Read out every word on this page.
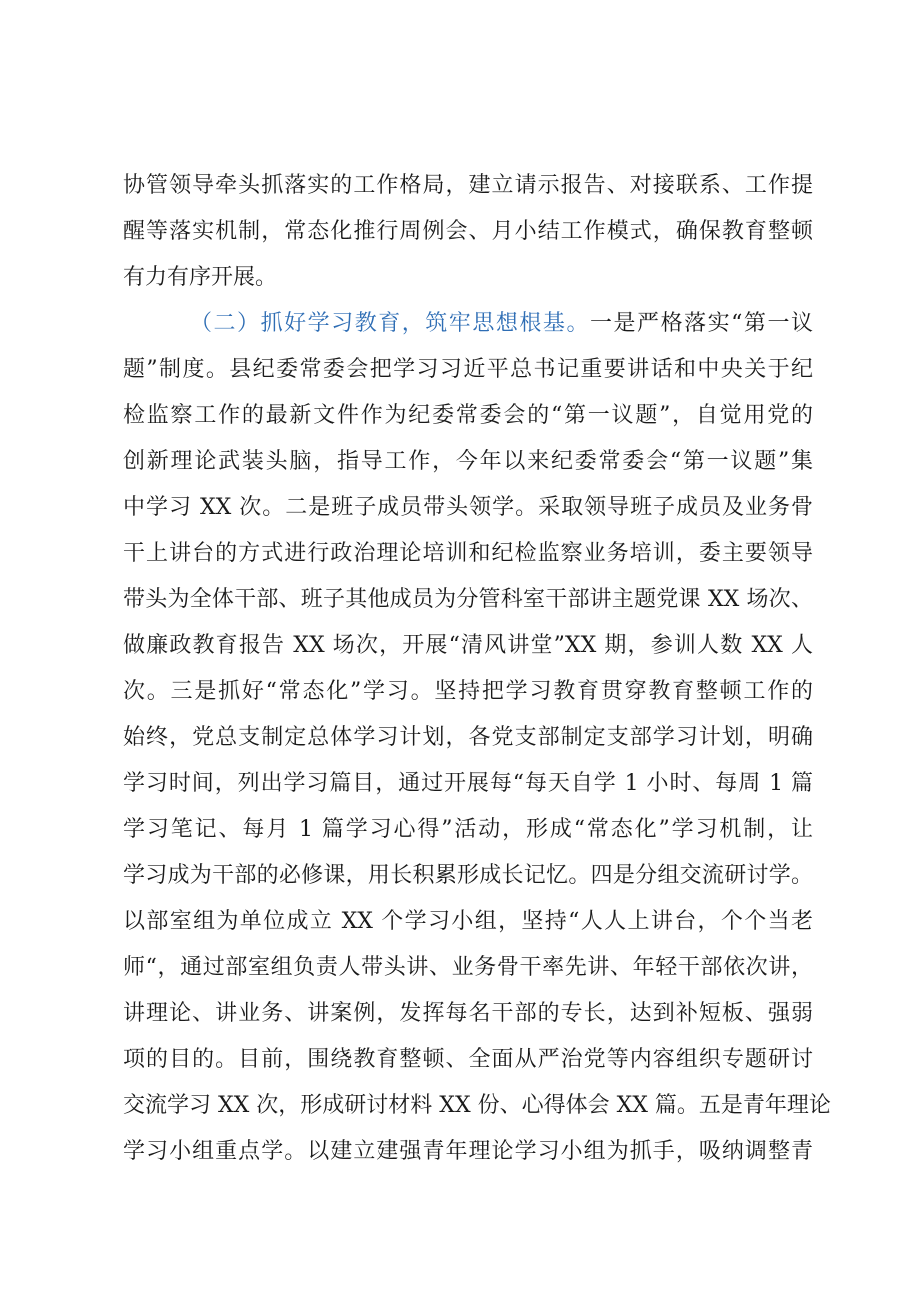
协管领导牵头抓落实的工作格局，建立请示报告、对接联系、工作提
醒等落实机制，常态化推行周例会、月小结工作模式，确保教育整顿
有力有序开展。
（二）抓好学习教育，筑牢思想根基。一是严格落实“第一议
题”制度。县纪委常委会把学习习近平总书记重要讲话和中央关于纪
检监察工作的最新文件作为纪委常委会的“第一议题”，自觉用党的
创新理论武装头脑，指导工作，今年以来纪委常委会“第一议题”集
中学习 XX 次。二是班子成员带头领学。采取领导班子成员及业务骨
干上讲台的方式进行政治理论培训和纪检监察业务培训，委主要领导
带头为全体干部、班子其他成员为分管科室干部讲主题党课 XX 场次、
做廉政教育报告 XX 场次，开展“清风讲堂”XX 期，参训人数 XX 人
次。三是抓好“常态化”学习。坚持把学习教育贯穿教育整顿工作的
始终，党总支制定总体学习计划，各党支部制定支部学习计划，明确
学习时间，列出学习篇目，通过开展每“每天自学 1 小时、每周 1 篇
学习笔记、每月 1 篇学习心得”活动，形成“常态化”学习机制，让
学习成为干部的必修课，用长积累形成长记忆。四是分组交流研讨学。
以部室组为单位成立 XX 个学习小组，坚持“人人上讲台，个个当老
师“，通过部室组负责人带头讲、业务骨干率先讲、年轻干部依次讲，
讲理论、讲业务、讲案例，发挥每名干部的专长，达到补短板、强弱
项的目的。目前，围绕教育整顿、全面从严治党等内容组织专题研讨
交流学习 XX 次，形成研讨材料 XX 份、心得体会 XX 篇。五是青年理论
学习小组重点学。以建立建强青年理论学习小组为抓手，吸纳调整青
